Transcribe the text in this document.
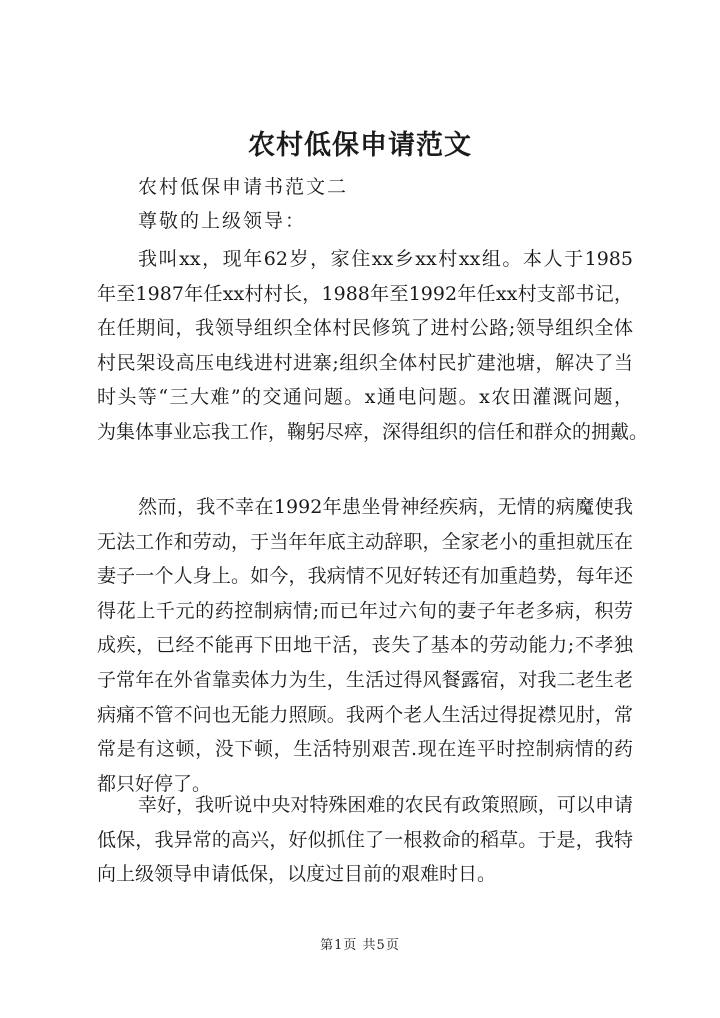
农村低保申请范文

农村低保申请书范文二

尊敬的上级领导：

我叫xx，现年62岁，家住xx乡xx村xx组。本人于1985
年至1987年任xx村村长，1988年至1992年任xx村支部书记，
在任期间，我领导组织全体村民修筑了进村公路;领导组织全体
村民架设高压电线进村进寨;组织全体村民扩建池塘，解决了当
时头等“三大难”的交通问题。x通电问题。x农田灌溉问题，
为集体事业忘我工作，鞠躬尽瘁，深得组织的信任和群众的拥戴。
然而，我不幸在1992年患坐骨神经疾病，无情的病魔使我
无法工作和劳动，于当年年底主动辞职，全家老小的重担就压在
妻子一个人身上。如今，我病情不见好转还有加重趋势，每年还
得花上千元的药控制病情;而已年过六旬的妻子年老多病，积劳
成疾，已经不能再下田地干活，丧失了基本的劳动能力;不孝独
子常年在外省靠卖体力为生，生活过得风餐露宿，对我二老生老
病痛不管不问也无能力照顾。我两个老人生活过得捉襟见肘，常
常是有这顿，没下顿，生活特别艰苦.现在连平时控制病情的药
都只好停了。
幸好，我听说中央对特殊困难的农民有政策照顾，可以申请
低保，我异常的高兴，好似抓住了一根救命的稻草。于是，我特
向上级领导申请低保，以度过目前的艰难时日。

第1页 共5页
